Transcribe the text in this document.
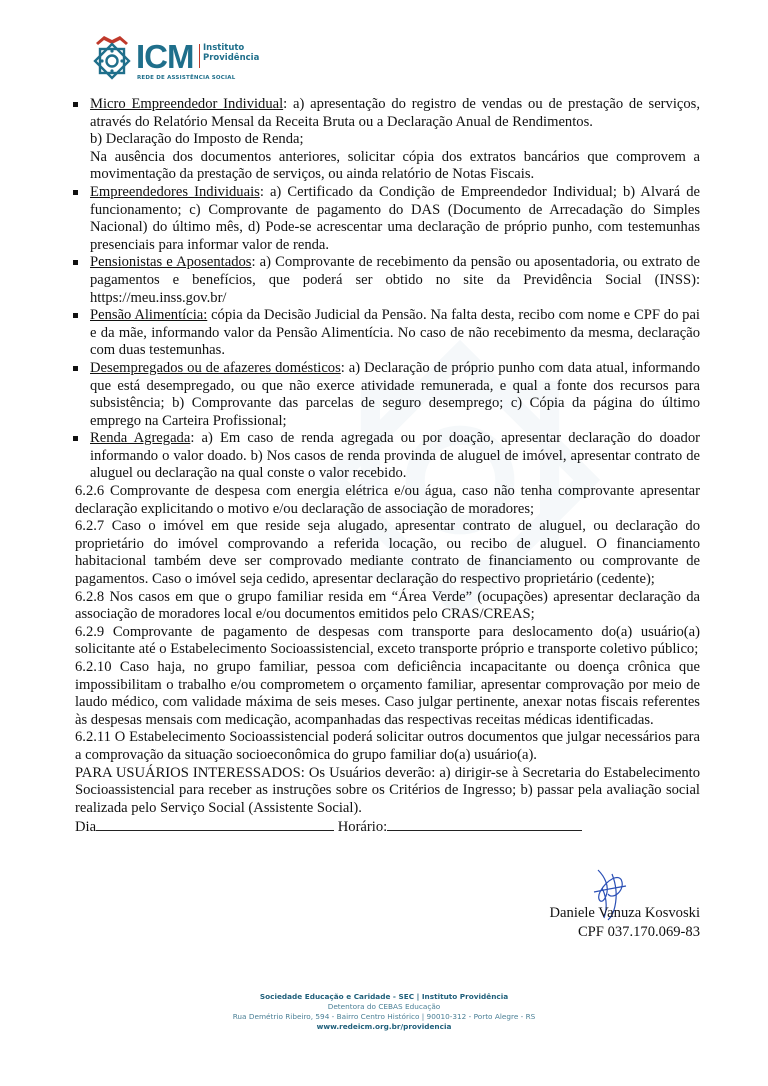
ICM Instituto
Providência
REDE DE ASSISTÊNCIA SOCIAL
Micro Empreendedor Individual: a) apresentação do registro de vendas ou de prestação de serviços, através do Relatório Mensal da Receita Bruta ou a Declaração Anual de Rendimentos.
b) Declaração do Imposto de Renda;
Na ausência dos documentos anteriores, solicitar cópia dos extratos bancários que comprovem a movimentação da prestação de serviços, ou ainda relatório de Notas Fiscais.
Empreendedores Individuais: a) Certificado da Condição de Empreendedor Individual; b) Alvará de funcionamento; c) Comprovante de pagamento do DAS (Documento de Arrecadação do Simples Nacional) do último mês, d) Pode-se acrescentar uma declaração de próprio punho, com testemunhas presenciais para informar valor de renda.
Pensionistas e Aposentados: a) Comprovante de recebimento da pensão ou aposentadoria, ou extrato de pagamentos e benefícios, que poderá ser obtido no site da Previdência Social (INSS): https://meu.inss.gov.br/
Pensão Alimentícia: cópia da Decisão Judicial da Pensão. Na falta desta, recibo com nome e CPF do pai e da mãe, informando valor da Pensão Alimentícia. No caso de não recebimento da mesma, declaração com duas testemunhas.
Desempregados ou de afazeres domésticos: a) Declaração de próprio punho com data atual, informando que está desempregado, ou que não exerce atividade remunerada, e qual a fonte dos recursos para subsistência; b) Comprovante das parcelas de seguro desemprego; c) Cópia da página do último emprego na Carteira Profissional;
Renda Agregada: a) Em caso de renda agregada ou por doação, apresentar declaração do doador informando o valor doado. b) Nos casos de renda provinda de aluguel de imóvel, apresentar contrato de aluguel ou declaração na qual conste o valor recebido.

6.2.6 Comprovante de despesa com energia elétrica e/ou água, caso não tenha comprovante apresentar declaração explicitando o motivo e/ou declaração de associação de moradores;

6.2.7 Caso o imóvel em que reside seja alugado, apresentar contrato de aluguel, ou declaração do proprietário do imóvel comprovando a referida locação, ou recibo de aluguel. O financiamento habitacional também deve ser comprovado mediante contrato de financiamento ou comprovante de pagamentos. Caso o imóvel seja cedido, apresentar declaração do respectivo proprietário (cedente);

6.2.8 Nos casos em que o grupo familiar resida em “Área Verde” (ocupações) apresentar declaração da associação de moradores local e/ou documentos emitidos pelo CRAS/CREAS;

6.2.9 Comprovante de pagamento de despesas com transporte para deslocamento do(a) usuário(a) solicitante até o Estabelecimento Socioassistencial, exceto transporte próprio e transporte coletivo público;

6.2.10 Caso haja, no grupo familiar, pessoa com deficiência incapacitante ou doença crônica que impossibilitam o trabalho e/ou comprometem o orçamento familiar, apresentar comprovação por meio de laudo médico, com validade máxima de seis meses. Caso julgar pertinente, anexar notas fiscais referentes às despesas mensais com medicação, acompanhadas das respectivas receitas médicas identificadas.

6.2.11 O Estabelecimento Socioassistencial poderá solicitar outros documentos que julgar necessários para a comprovação da situação socioeconômica do grupo familiar do(a) usuário(a).

PARA USUÁRIOS INTERESSADOS: Os Usuários deverão: a) dirigir-se à Secretaria do Estabelecimento Socioassistencial para receber as instruções sobre os Critérios de Ingresso; b) passar pela avaliação social realizada pelo Serviço Social (Assistente Social).

Dia	Horário:

Daniele Vanuza Kosvoski
CPF 037.170.069-83
Sociedade Educação e Caridade - SEC | Instituto Providência
Detentora do CEBAS Educação
Rua Demétrio Ribeiro, 594 - Bairro Centro Histórico | 90010-312 - Porto Alegre - RS
www.redeicm.org.br/providencia
